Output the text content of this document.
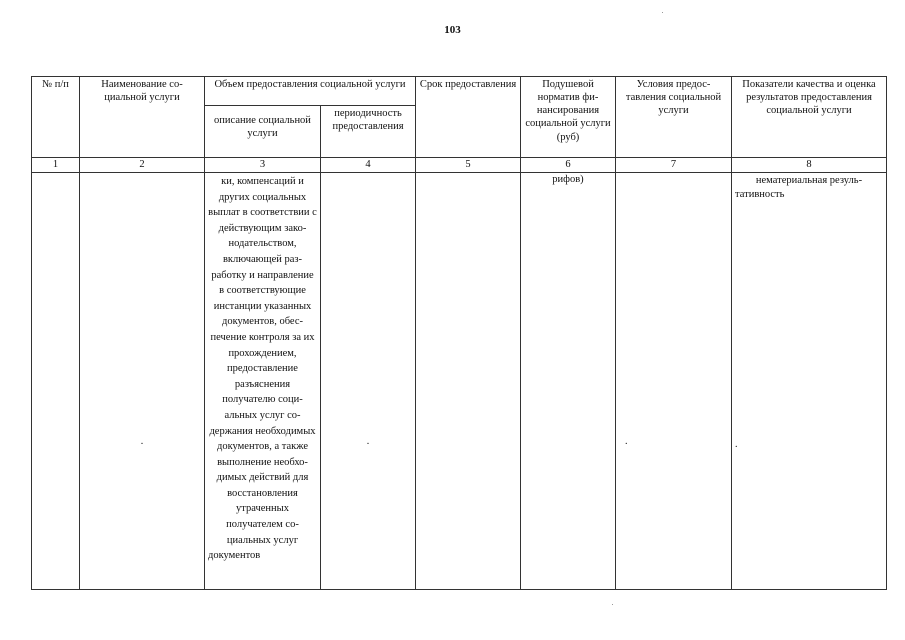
103
№ п/п	Наименование социальной услуги	Объем предоставления социальной услуги		Срок предоставления	Подушевой норматив финансирования социальной услуги (руб)	Условия предоставления социальной услуги	Показатели качества и оценка результатов предоставления социальной услуги
		описание социальной услуги	периодичность предоставления				
1	2	3	4	5	6	7	8

	.	ки, компенсаций и других социальных выплат в соответствии с действующим законодательством, включающей разработку и направление в соответствующие инстанции указанных документов, обеспечение контроля за их прохождением, предоставление разъяснения получателю социальных услуг содержания необходимых документов, а также выполнение необходимых действий для восстановления утраченных получателем социальных услуг документов	.		рифов)	.	нематериальная результативность
.
